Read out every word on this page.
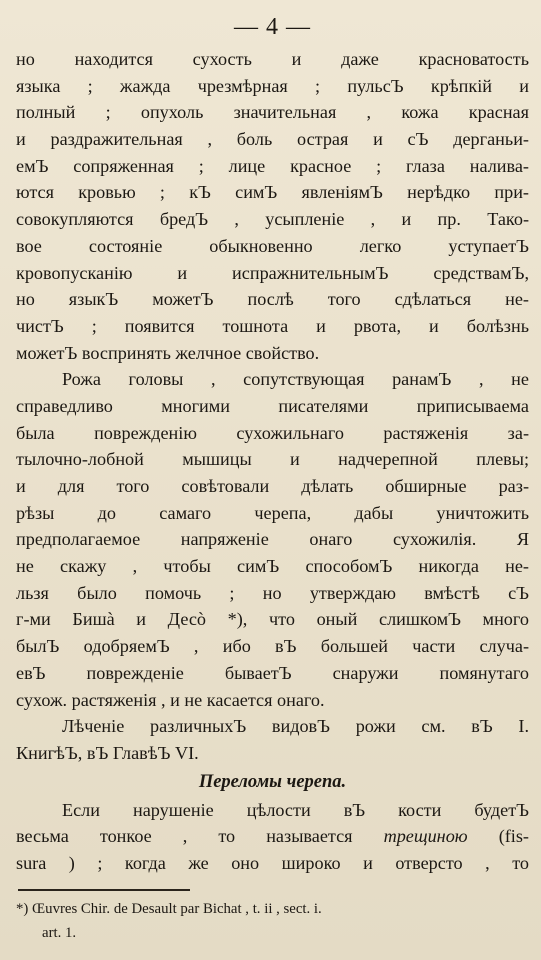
— 4 —
но находится сухость и даже красноватость
языка ; жажда чрезмѣрная ; пульсЪ крѣпкій и
полный ; опухоль значительная , кожа красная
и раздражительная , боль острая и сЪ дерганьи-
емЪ сопряженная ; лице красное ; глаза налива-
ются кровью ; кЪ симЪ явленіямЪ нерѣдко при-
совокупляются бредЪ , усыпленіе , и пр. Тако-
вое состояніе обыкновенно легко уступаетЪ
кровопусканію и испражнительнымЪ средствамЪ,
но языкЪ можетЪ послѣ того сдѣлаться не-
чистЪ ; появится тошнота и рвота, и болѣзнь
можетЪ воспринять желчное свойство.
Рожа головы , сопутствующая ранамЪ , не
справедливо многими писателями приписываема
была поврежденію сухожильнаго растяженія за-
тылочно-лобной мышицы и надчерепной плевы;
и для того совѣтовали дѣлать обширные раз-
рѣзы до самаго черепа, дабы уничтожить
предполагаемое напряженіе онаго сухожилія. Я
не скажу , чтобы симЪ способомЪ никогда не-
льзя было помочь ; но утверждаю вмѣстѣ сЪ
г-ми Бишà и Десò *), что оный слишкомЪ много
былЪ одобряемЪ , ибо вЪ большей части случа-
евЪ поврежденіе бываетЪ снаружи помянутаго
сухож. растяженія , и не касается онаго.
Лѣченіе различныхЪ видовЪ рожи см. вЪ I.
КнигѣЪ, вЪ ГлавѣЪ VI.
Переломы черепа.
Если нарушеніе цѣлости вЪ кости будетЪ
весьма тонкое , то называется трещиною (fis-
sura ) ; когда же оно широко и отверсто , то
*) Œuvres Chir. de Desault par Bichat , t. ii , sect. i.
art. 1.
